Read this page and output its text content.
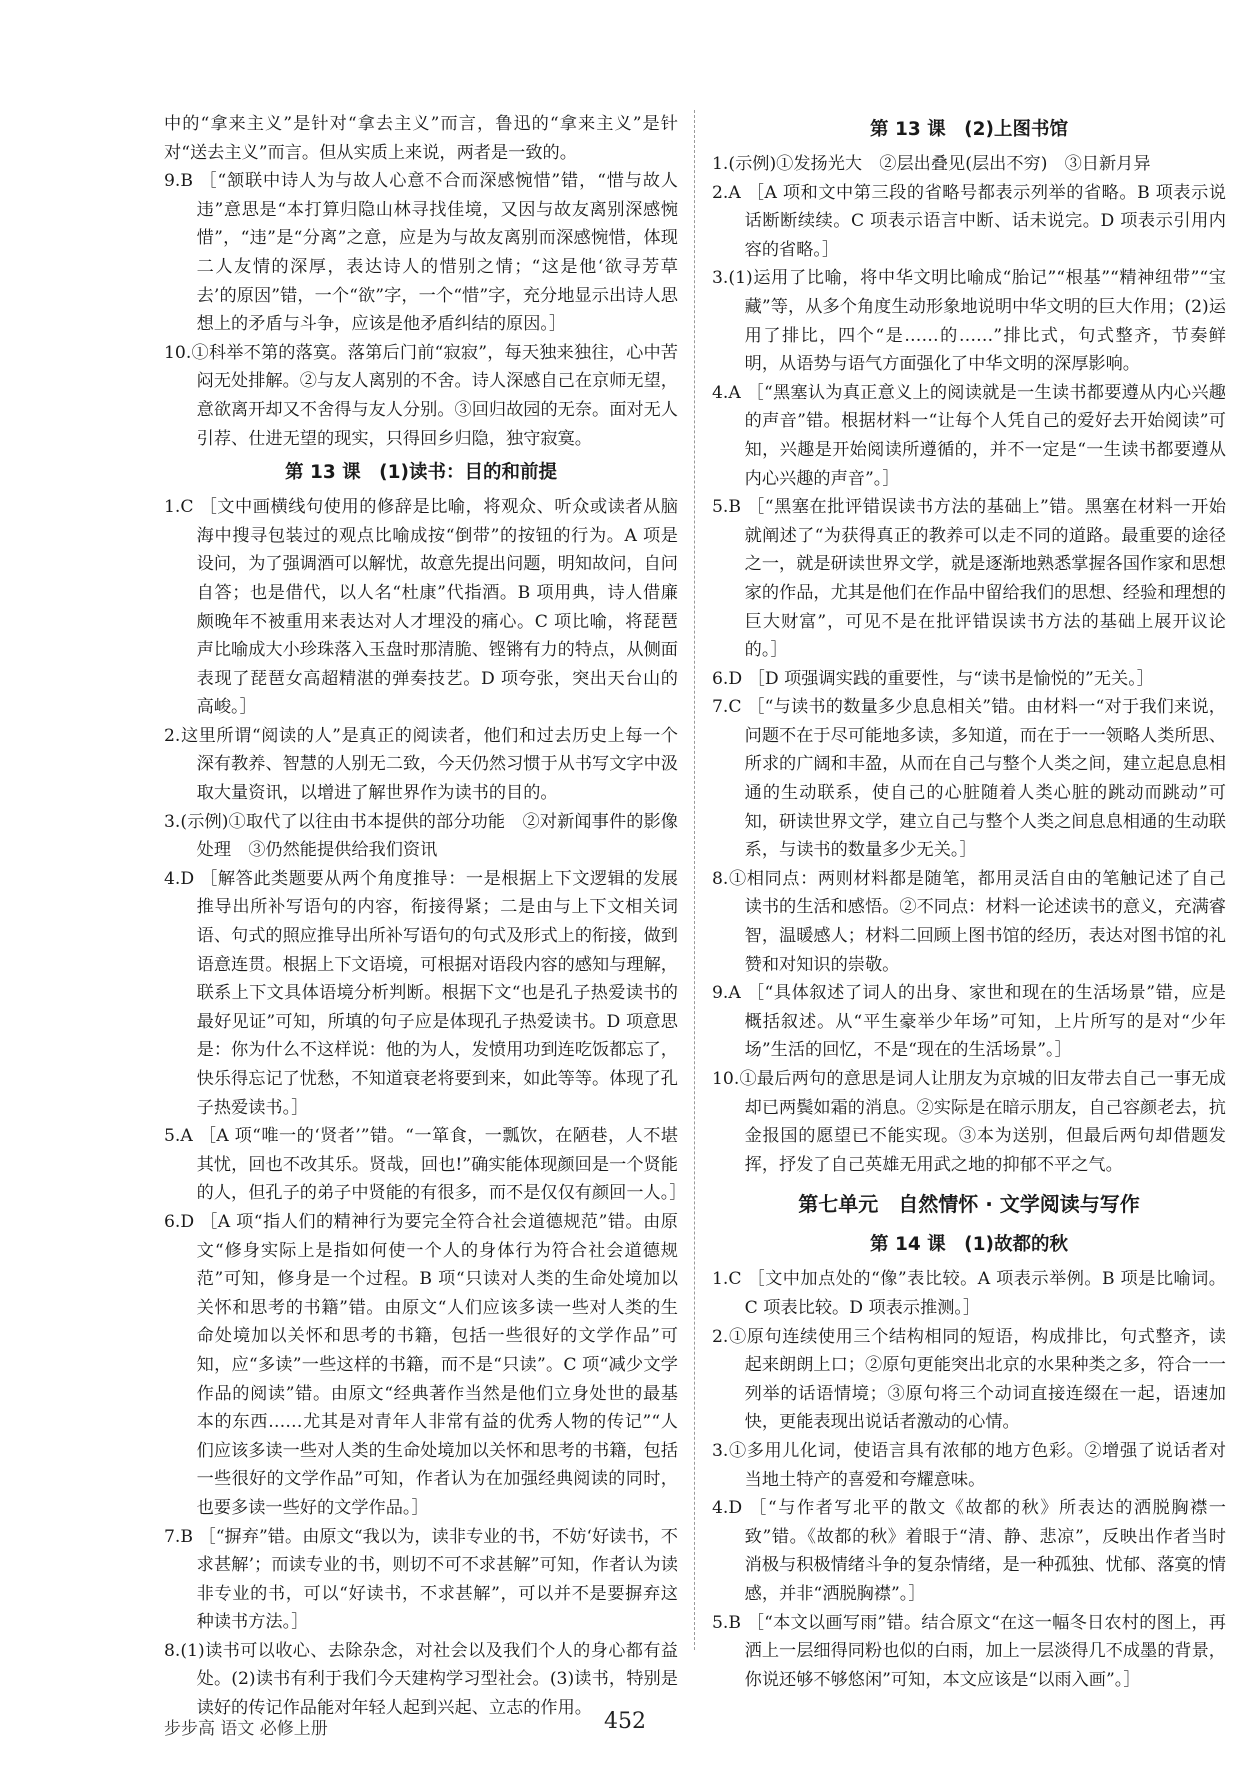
中的“拿来主义”是针对“拿去主义”而言，鲁迅的“拿来主义”是针对“送去主义”而言。但从实质上来说，两者是一致的。

9.B ［“颔联中诗人为与故人心意不合而深感惋惜”错，“惜与故人违”意思是“本打算归隐山林寻找佳境，又因与故友离别深感惋惜”，“违”是“分离”之意，应是为与故友离别而深感惋惜，体现二人友情的深厚，表达诗人的惜别之情；“这是他‘欲寻芳草去’的原因”错，一个“欲”字，一个“惜”字，充分地显示出诗人思想上的矛盾与斗争，应该是他矛盾纠结的原因。］

10.①科举不第的落寞。落第后门前“寂寂”，每天独来独往，心中苦闷无处排解。②与友人离别的不舍。诗人深感自己在京师无望，意欲离开却又不舍得与友人分别。③回归故园的无奈。面对无人引荐、仕进无望的现实，只得回乡归隐，独守寂寞。

第 13 课　(1)读书：目的和前提

1.C ［文中画横线句使用的修辞是比喻，将观众、听众或读者从脑海中搜寻包装过的观点比喻成按“倒带”的按钮的行为。A 项是设问，为了强调酒可以解忧，故意先提出问题，明知故问，自问自答；也是借代，以人名“杜康”代指酒。B 项用典，诗人借廉颇晚年不被重用来表达对人才埋没的痛心。C 项比喻，将琵琶声比喻成大小珍珠落入玉盘时那清脆、铿锵有力的特点，从侧面表现了琵琶女高超精湛的弹奏技艺。D 项夸张，突出天台山的高峻。］

2.这里所谓“阅读的人”是真正的阅读者，他们和过去历史上每一个深有教养、智慧的人别无二致，今天仍然习惯于从书写文字中汲取大量资讯，以增进了解世界作为读书的目的。

3.(示例)①取代了以往由书本提供的部分功能　②对新闻事件的影像处理　③仍然能提供给我们资讯

4.D ［解答此类题要从两个角度推导：一是根据上下文逻辑的发展推导出所补写语句的内容，衔接得紧；二是由与上下文相关词语、句式的照应推导出所补写语句的句式及形式上的衔接，做到语意连贯。根据上下文语境，可根据对语段内容的感知与理解，联系上下文具体语境分析判断。根据下文“也是孔子热爱读书的最好见证”可知，所填的句子应是体现孔子热爱读书。D 项意思是：你为什么不这样说：他的为人，发愤用功到连吃饭都忘了，快乐得忘记了忧愁，不知道衰老将要到来，如此等等。体现了孔子热爱读书。］

5.A ［A 项“唯一的‘贤者’”错。“一箪食，一瓢饮，在陋巷，人不堪其忧，回也不改其乐。贤哉，回也!”确实能体现颜回是一个贤能的人，但孔子的弟子中贤能的有很多，而不是仅仅有颜回一人。］

6.D ［A 项“指人们的精神行为要完全符合社会道德规范”错。由原文“修身实际上是指如何使一个人的身体行为符合社会道德规范”可知，修身是一个过程。B 项“只读对人类的生命处境加以关怀和思考的书籍”错。由原文“人们应该多读一些对人类的生命处境加以关怀和思考的书籍，包括一些很好的文学作品”可知，应“多读”一些这样的书籍，而不是“只读”。C 项“减少文学作品的阅读”错。由原文“经典著作当然是他们立身处世的最基本的东西……尤其是对青年人非常有益的优秀人物的传记”“人们应该多读一些对人类的生命处境加以关怀和思考的书籍，包括一些很好的文学作品”可知，作者认为在加强经典阅读的同时，也要多读一些好的文学作品。］

7.B ［“摒弃”错。由原文“我以为，读非专业的书，不妨‘好读书，不求甚解’；而读专业的书，则切不可不求甚解”可知，作者认为读非专业的书，可以“好读书，不求甚解”，可以并不是要摒弃这种读书方法。］

8.(1)读书可以收心、去除杂念，对社会以及我们个人的身心都有益处。(2)读书有利于我们今天建构学习型社会。(3)读书，特别是读好的传记作品能对年轻人起到兴起、立志的作用。

第 13 课　(2)上图书馆

1.(示例)①发扬光大　②层出叠见(层出不穷)　③日新月异

2.A ［A 项和文中第三段的省略号都表示列举的省略。B 项表示说话断断续续。C 项表示语言中断、话未说完。D 项表示引用内容的省略。］

3.(1)运用了比喻，将中华文明比喻成“胎记”“根基”“精神纽带”“宝藏”等，从多个角度生动形象地说明中华文明的巨大作用；(2)运用了排比，四个“是……的……”排比式，句式整齐，节奏鲜明，从语势与语气方面强化了中华文明的深厚影响。

4.A ［“黑塞认为真正意义上的阅读就是一生读书都要遵从内心兴趣的声音”错。根据材料一“让每个人凭自己的爱好去开始阅读”可知，兴趣是开始阅读所遵循的，并不一定是“一生读书都要遵从内心兴趣的声音”。］

5.B ［“黑塞在批评错误读书方法的基础上”错。黑塞在材料一开始就阐述了“为获得真正的教养可以走不同的道路。最重要的途径之一，就是研读世界文学，就是逐渐地熟悉掌握各国作家和思想家的作品，尤其是他们在作品中留给我们的思想、经验和理想的巨大财富”，可见不是在批评错误读书方法的基础上展开议论的。］

6.D ［D 项强调实践的重要性，与“读书是愉悦的”无关。］

7.C ［“与读书的数量多少息息相关”错。由材料一“对于我们来说，问题不在于尽可能地多读，多知道，而在于一一领略人类所思、所求的广阔和丰盈，从而在自己与整个人类之间，建立起息息相通的生动联系，使自己的心脏随着人类心脏的跳动而跳动”可知，研读世界文学，建立自己与整个人类之间息息相通的生动联系，与读书的数量多少无关。］

8.①相同点：两则材料都是随笔，都用灵活自由的笔触记述了自己读书的生活和感悟。②不同点：材料一论述读书的意义，充满睿智，温暖感人；材料二回顾上图书馆的经历，表达对图书馆的礼赞和对知识的崇敬。

9.A ［“具体叙述了词人的出身、家世和现在的生活场景”错，应是概括叙述。从“平生豪举少年场”可知，上片所写的是对“少年场”生活的回忆，不是“现在的生活场景”。］

10.①最后两句的意思是词人让朋友为京城的旧友带去自己一事无成却已两鬓如霜的消息。②实际是在暗示朋友，自己容颜老去，抗金报国的愿望已不能实现。③本为送别，但最后两句却借题发挥，抒发了自己英雄无用武之地的抑郁不平之气。

第七单元　自然情怀 · 文学阅读与写作
第 14 课　(1)故都的秋

1.C ［文中加点处的“像”表比较。A 项表示举例。B 项是比喻词。C 项表比较。D 项表示推测。］

2.①原句连续使用三个结构相同的短语，构成排比，句式整齐，读起来朗朗上口；②原句更能突出北京的水果种类之多，符合一一列举的话语情境；③原句将三个动词直接连缀在一起，语速加快，更能表现出说话者激动的心情。

3.①多用儿化词，使语言具有浓郁的地方色彩。②增强了说话者对当地土特产的喜爱和夸耀意味。

4.D ［“与作者写北平的散文《故都的秋》所表达的洒脱胸襟一致”错。《故都的秋》着眼于“清、静、悲凉”，反映出作者当时消极与积极情绪斗争的复杂情绪，是一种孤独、忧郁、落寞的情感，并非“洒脱胸襟”。］

5.B ［“本文以画写雨”错。结合原文“在这一幅冬日农村的图上，再洒上一层细得同粉也似的白雨，加上一层淡得几不成墨的背景，你说还够不够悠闲”可知，本文应该是“以雨入画”。］

步步高 语文 必修上册	452
